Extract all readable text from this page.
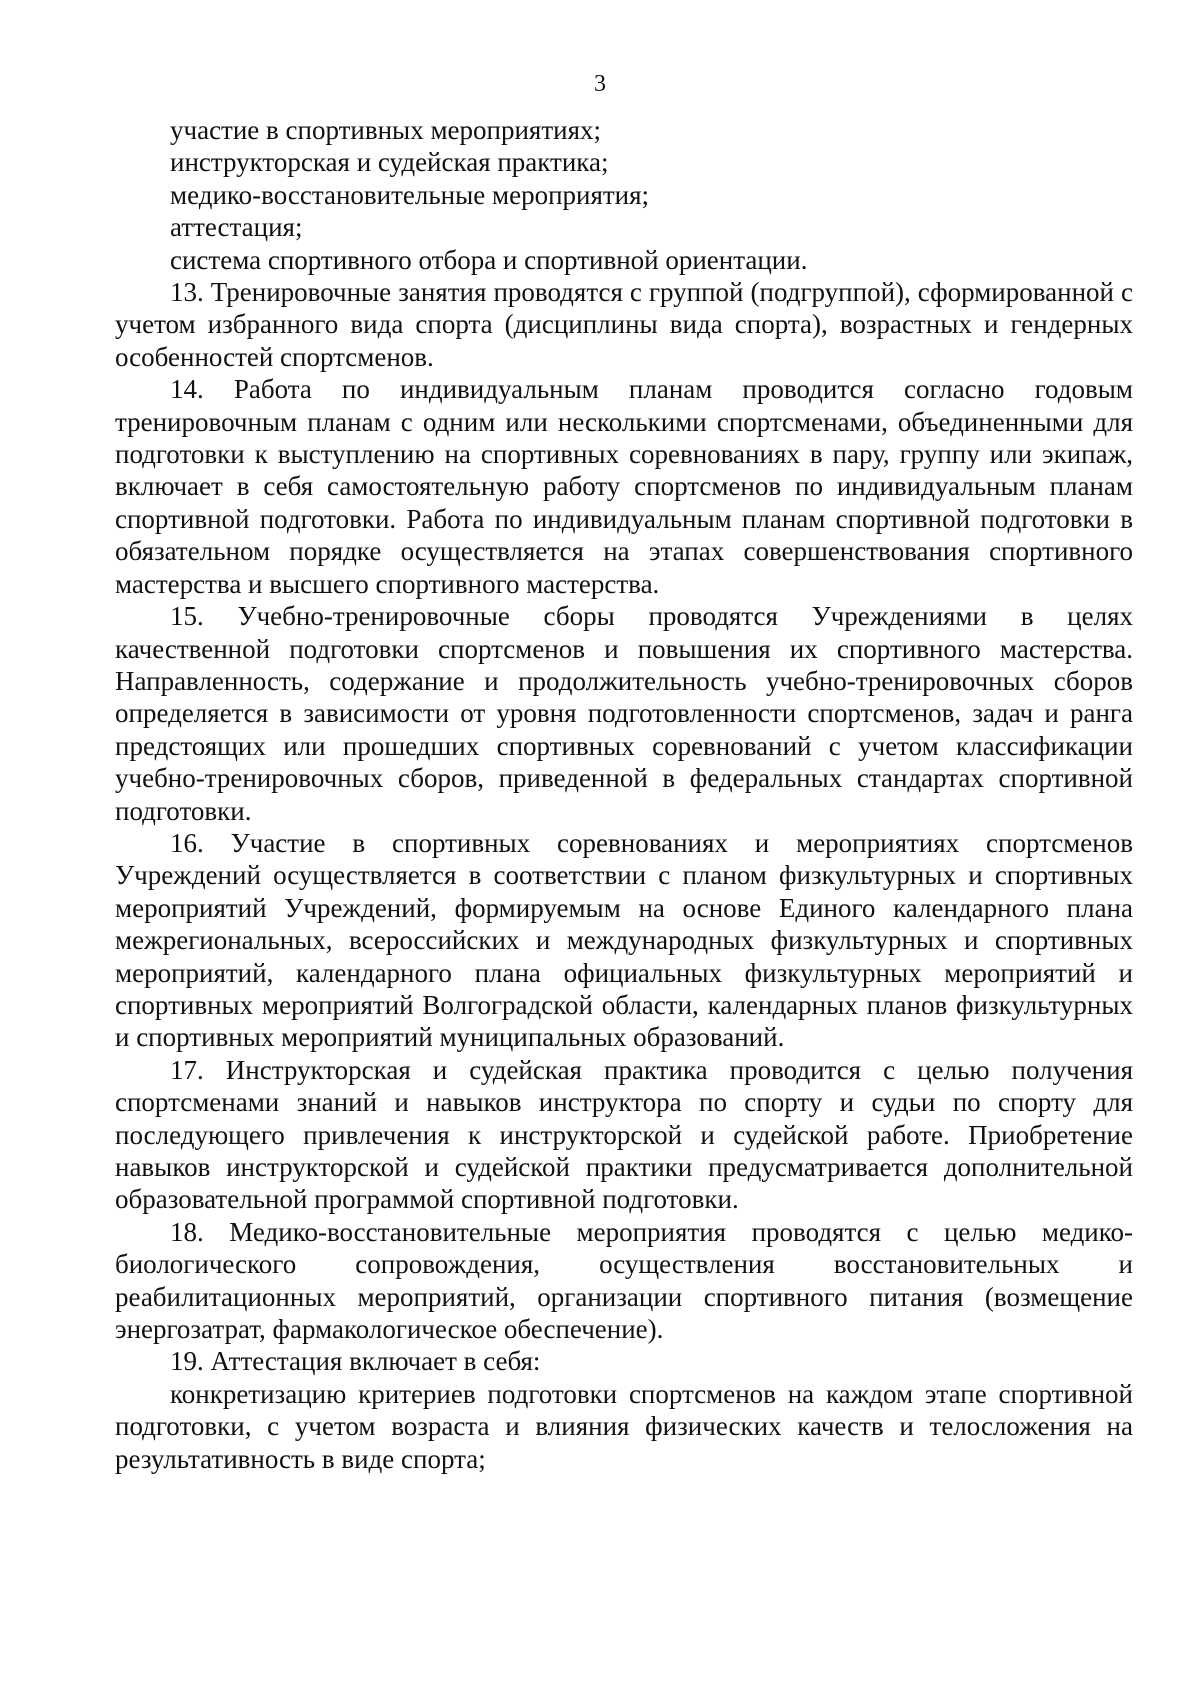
3

участие в спортивных мероприятиях;

инструкторская и судейская практика;

медико-восстановительные мероприятия;

аттестация;

система спортивного отбора и спортивной ориентации.

13. Тренировочные занятия проводятся с группой (подгруппой), сформированной с учетом избранного вида спорта (дисциплины вида спорта), возрастных и гендерных особенностей спортсменов.

14. Работа по индивидуальным планам проводится согласно годовым тренировочным планам с одним или несколькими спортсменами, объединенными для подготовки к выступлению на спортивных соревнованиях в пару, группу или экипаж, включает в себя самостоятельную работу спортсменов по индивидуальным планам спортивной подготовки. Работа по индивидуальным планам спортивной подготовки в обязательном порядке осуществляется на этапах совершенствования спортивного мастерства и высшего спортивного мастерства.

15. Учебно-тренировочные сборы проводятся Учреждениями в целях качественной подготовки спортсменов и повышения их спортивного мастерства. Направленность, содержание и продолжительность учебно-тренировочных сборов определяется в зависимости от уровня подготовленности спортсменов, задач и ранга предстоящих или прошедших спортивных соревнований с учетом классификации учебно-тренировочных сборов, приведенной в федеральных стандартах спортивной подготовки.

16. Участие в спортивных соревнованиях и мероприятиях спортсменов Учреждений осуществляется в соответствии с планом физкультурных и спортивных мероприятий Учреждений, формируемым на основе Единого календарного плана межрегиональных, всероссийских и международных физкультурных и спортивных мероприятий, календарного плана официальных физкультурных мероприятий и спортивных мероприятий Волгоградской области, календарных планов физкультурных и спортивных мероприятий муниципальных образований.

17. Инструкторская и судейская практика проводится с целью получения спортсменами знаний и навыков инструктора по спорту и судьи по спорту для последующего привлечения к инструкторской и судейской работе. Приобретение навыков инструкторской и судейской практики предусматривается дополнительной образовательной программой спортивной подготовки.

18. Медико-восстановительные мероприятия проводятся с целью медико-биологического сопровождения, осуществления восстановительных и реабилитационных мероприятий, организации спортивного питания (возмещение энергозатрат, фармакологическое обеспечение).

19. Аттестация включает в себя:

конкретизацию критериев подготовки спортсменов на каждом этапе спортивной подготовки, с учетом возраста и влияния физических качеств и телосложения на результативность в виде спорта;
